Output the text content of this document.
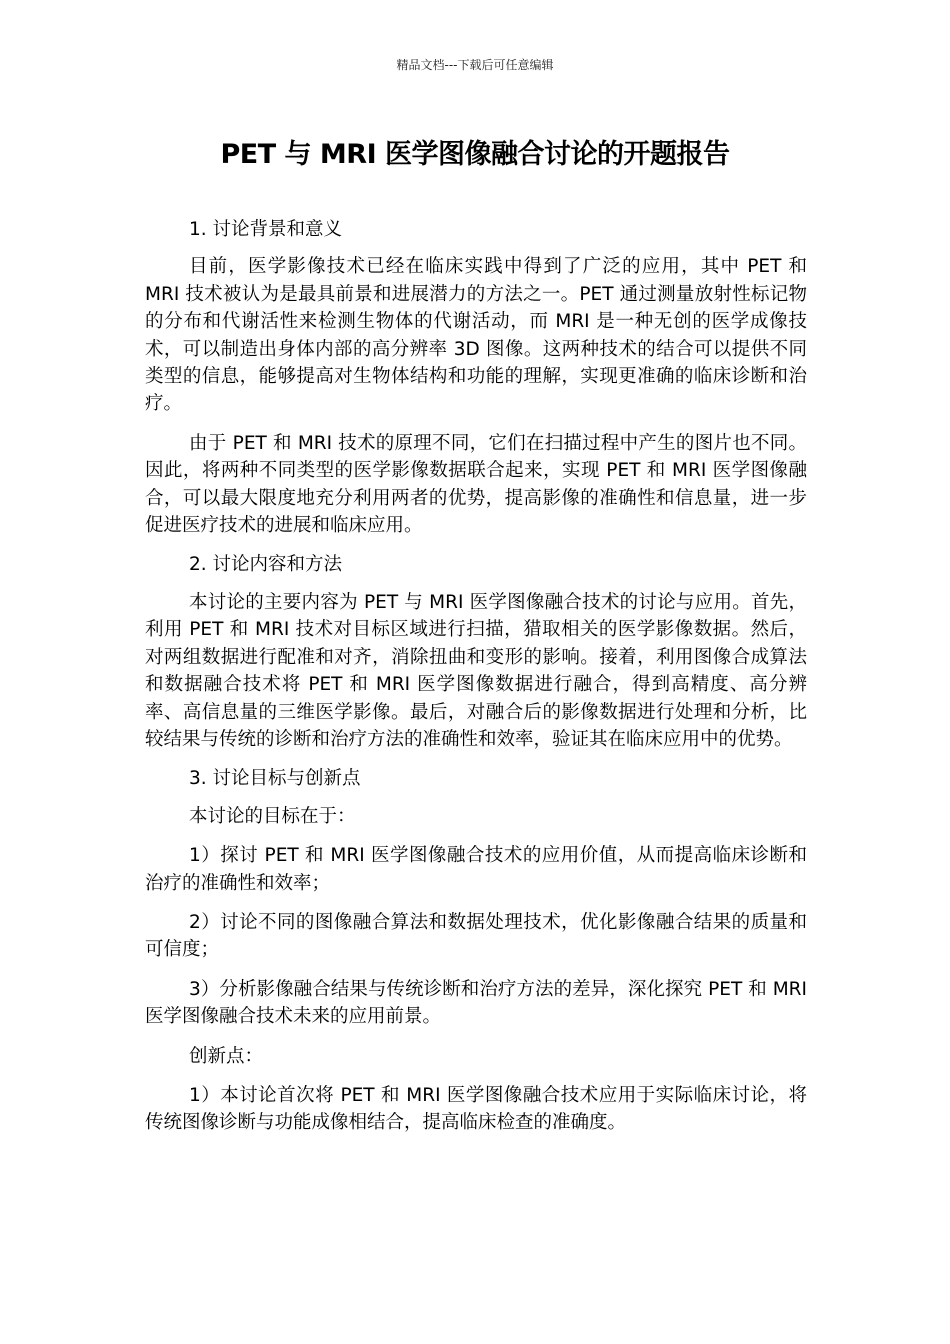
精品文档---下载后可任意编辑
PET 与 MRI 医学图像融合讨论的开题报告

1. 讨论背景和意义

目前，医学影像技术已经在临床实践中得到了广泛的应用，其中 PET 和 MRI 技术被认为是最具前景和进展潜力的方法之一。PET 通过测量放射性标记物的分布和代谢活性来检测生物体的代谢活动，而 MRI 是一种无创的医学成像技术，可以制造出身体内部的高分辨率 3D 图像。这两种技术的结合可以提供不同类型的信息，能够提高对生物体结构和功能的理解，实现更准确的临床诊断和治疗。

由于 PET 和 MRI 技术的原理不同，它们在扫描过程中产生的图片也不同。因此，将两种不同类型的医学影像数据联合起来，实现 PET 和 MRI 医学图像融合，可以最大限度地充分利用两者的优势，提高影像的准确性和信息量，进一步促进医疗技术的进展和临床应用。

2. 讨论内容和方法

本讨论的主要内容为 PET 与 MRI 医学图像融合技术的讨论与应用。首先，利用 PET 和 MRI 技术对目标区域进行扫描，猎取相关的医学影像数据。然后，对两组数据进行配准和对齐，消除扭曲和变形的影响。接着，利用图像合成算法和数据融合技术将 PET 和 MRI 医学图像数据进行融合，得到高精度、高分辨率、高信息量的三维医学影像。最后，对融合后的影像数据进行处理和分析，比较结果与传统的诊断和治疗方法的准确性和效率，验证其在临床应用中的优势。

3. 讨论目标与创新点

本讨论的目标在于：

1）探讨 PET 和 MRI 医学图像融合技术的应用价值，从而提高临床诊断和治疗的准确性和效率；

2）讨论不同的图像融合算法和数据处理技术，优化影像融合结果的质量和可信度；

3）分析影像融合结果与传统诊断和治疗方法的差异，深化探究 PET 和 MRI 医学图像融合技术未来的应用前景。

创新点：

1）本讨论首次将 PET 和 MRI 医学图像融合技术应用于实际临床讨论，将传统图像诊断与功能成像相结合，提高临床检查的准确度。
